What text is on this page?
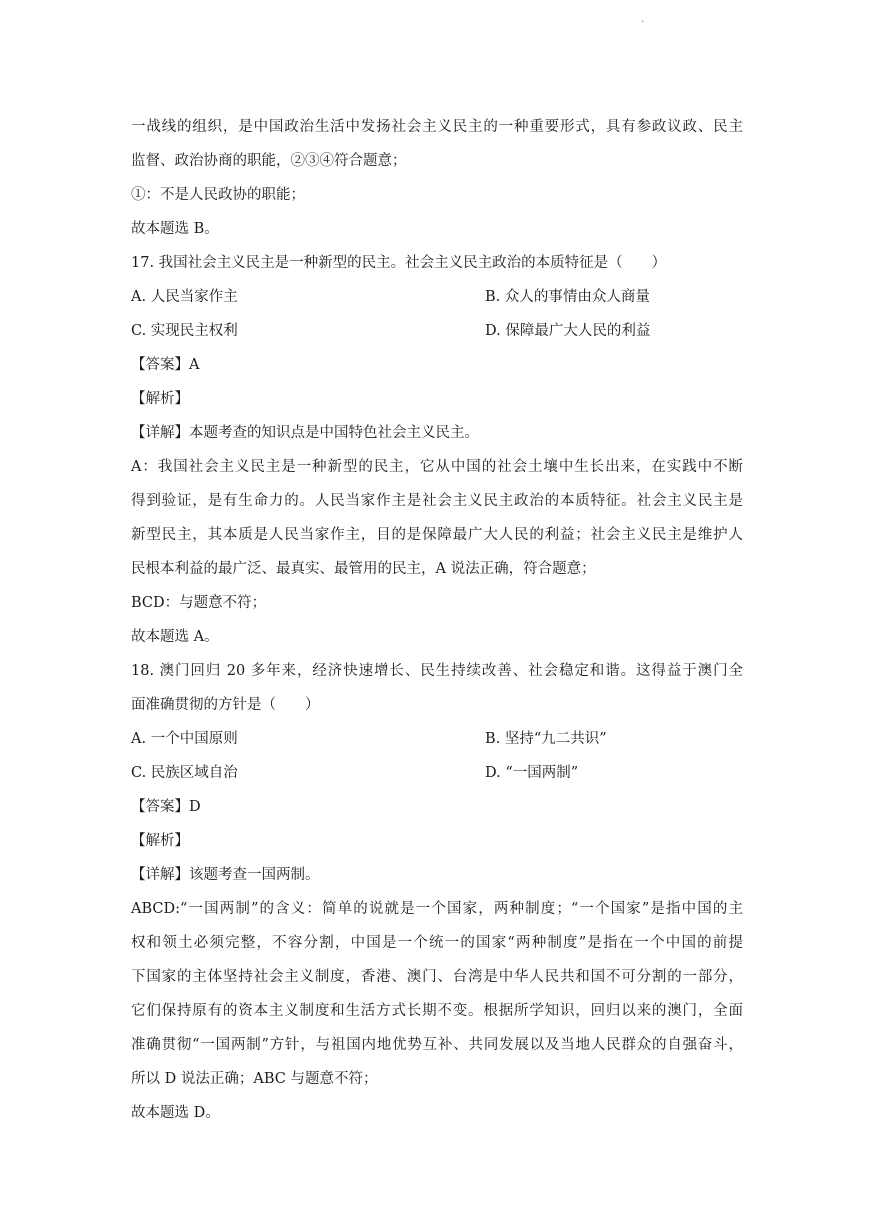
.
一战线的组织，是中国政治生活中发扬社会主义民主的一种重要形式，具有参政议政、民主
监督、政治协商的职能，②③④符合题意；
①：不是人民政协的职能；
故本题选 B。
17. 我国社会主义民主是一种新型的民主。社会主义民主政治的本质特征是（　　）
A. 人民当家作主	B. 众人的事情由众人商量
C. 实现民主权利	D. 保障最广大人民的利益
【答案】A
【解析】
【详解】本题考查的知识点是中国特色社会主义民主。
A：我国社会主义民主是一种新型的民主，它从中国的社会土壤中生长出来，在实践中不断
得到验证，是有生命力的。人民当家作主是社会主义民主政治的本质特征。社会主义民主是
新型民主，其本质是人民当家作主，目的是保障最广大人民的利益；社会主义民主是维护人
民根本利益的最广泛、最真实、最管用的民主，A 说法正确，符合题意；
BCD：与题意不符；
故本题选 A。
18. 澳门回归 20 多年来，经济快速增长、民生持续改善、社会稳定和谐。这得益于澳门全
面准确贯彻的方针是（　　）
A. 一个中国原则	B. 坚持“九二共识”
C. 民族区域自治	D. “一国两制”
【答案】D
【解析】
【详解】该题考查一国两制。
ABCD:“一国两制”的含义：简单的说就是一个国家，两种制度；“一个国家”是指中国的主
权和领土必须完整，不容分割，中国是一个统一的国家“两种制度”是指在一个中国的前提
下国家的主体坚持社会主义制度，香港、澳门、台湾是中华人民共和国不可分割的一部分，
它们保持原有的资本主义制度和生活方式长期不变。根据所学知识，回归以来的澳门，全面
准确贯彻“一国两制”方针，与祖国内地优势互补、共同发展以及当地人民群众的自强奋斗，
所以 D 说法正确；ABC 与题意不符；
故本题选 D。
